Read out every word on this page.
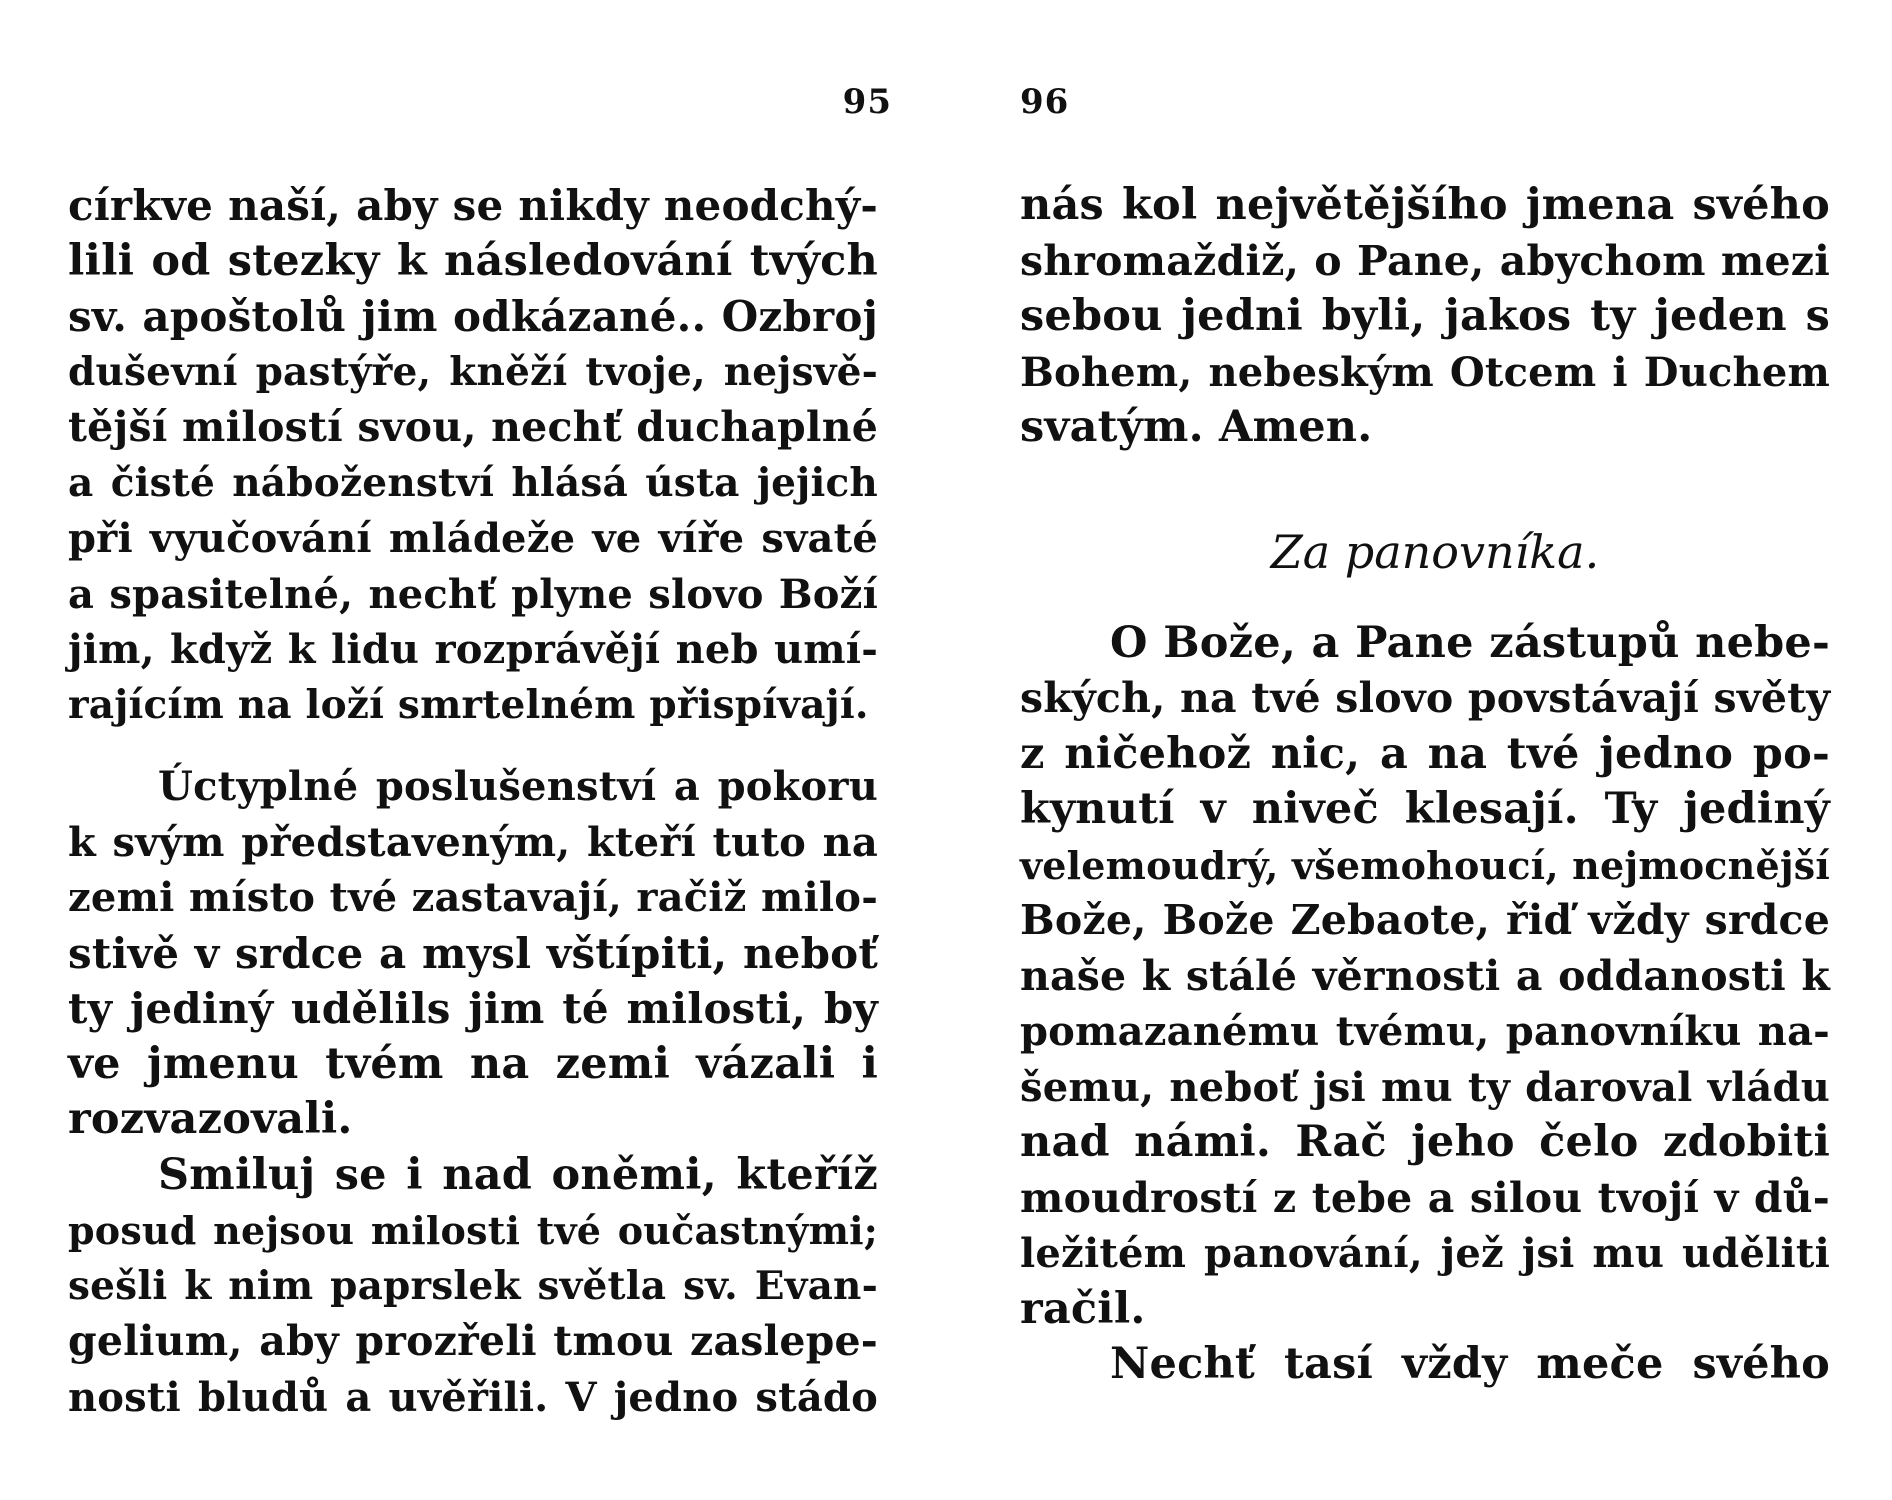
95
církve naší, aby se nikdy neodchý-
lili od stezky k následování tvých
sv. apoštolů jim odkázané.. Ozbroj
duševní pastýře, kněží tvoje, nejsvě-
tější milostí svou, nechť duchaplné
a čisté náboženství hlásá ústa jejich
při vyučování mládeže ve víře svaté
a spasitelné, nechť plyne slovo Boží
jim, když k lidu rozprávějí neb umí-
rajícím na loží smrtelném přispívají.
Úctyplné poslušenství a pokoru
k svým představeným, kteří tuto na
zemi místo tvé zastavají, račiž milo-
stivě v srdce a mysl vštípiti, neboť
ty jediný udělils jim té milosti, by
ve jmenu tvém na zemi vázali i
rozvazovali.
Smiluj se i nad oněmi, kteříž
posud nejsou milosti tvé oučastnými;
sešli k nim paprslek světla sv. Evan-
gelium, aby prozřeli tmou zaslepe-
nosti bludů a uvěřili. V jedno stádo
96
nás kol největějšího jmena svého
shromaždiž, o Pane, abychom mezi
sebou jedni byli, jakos ty jeden s
Bohem, nebeským Otcem i Duchem
svatým. Amen.
Za panovníka.
O Bože, a Pane zástupů nebe-
ských, na tvé slovo povstávají světy
z ničehož nic, a na tvé jedno po-
kynutí v niveč klesají. Ty jediný
velemoudrý, všemohoucí, nejmocnější
Bože, Bože Zebaote, řiď vždy srdce
naše k stálé věrnosti a oddanosti k
pomazanému tvému, panovníku na-
šemu, neboť jsi mu ty daroval vládu
nad námi. Rač jeho čelo zdobiti
moudrostí z tebe a silou tvojí v dů-
ležitém panování, jež jsi mu uděliti
račil.
Nechť tasí vždy meče svého
